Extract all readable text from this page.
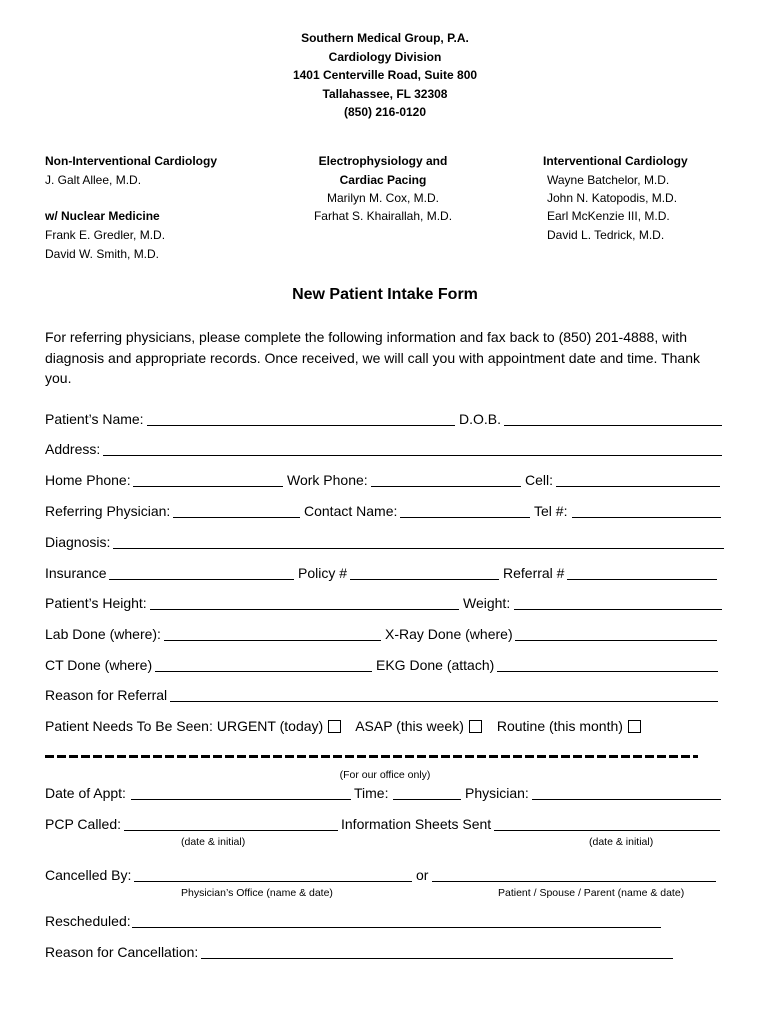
Southern Medical Group, P.A.
Cardiology Division
1401 Centerville Road, Suite 800
Tallahassee, FL 32308
(850) 216-0120
Non-Interventional Cardiology
J. Galt Allee, M.D.
w/ Nuclear Medicine
Frank E. Gredler, M.D.
David W. Smith, M.D.
Electrophysiology and
Cardiac Pacing
Marilyn M. Cox, M.D.
Farhat S. Khairallah, M.D.
Interventional Cardiology
Wayne Batchelor, M.D.
John N. Katopodis, M.D.
Earl McKenzie III, M.D.
David L. Tedrick, M.D.
New Patient Intake Form
For referring physicians, please complete the following information and fax back to (850) 201-4888, with
diagnosis and appropriate records. Once received, we will call you with appointment date and time. Thank
you.
Patient’s Name:	D.O.B.
Address:
Home Phone:	Work Phone:	Cell:
Referring Physician:	Contact Name:	Tel #:
Diagnosis:
Insurance	Policy #	Referral #
Patient’s Height:	Weight:
Lab Done (where):	X-Ray Done (where)
CT Done (where)	EKG Done (attach)
Reason for Referral
Patient Needs To Be Seen: URGENT (today) ASAP (this week) Routine (this month)
(For our office only)
Date of Appt:	Time:	Physician:
PCP Called:	Information Sheets Sent
(date & initial)	(date & initial)
Cancelled By:	or
Physician’s Office (name & date)	Patient / Spouse / Parent (name & date)
Rescheduled:
Reason for Cancellation:
